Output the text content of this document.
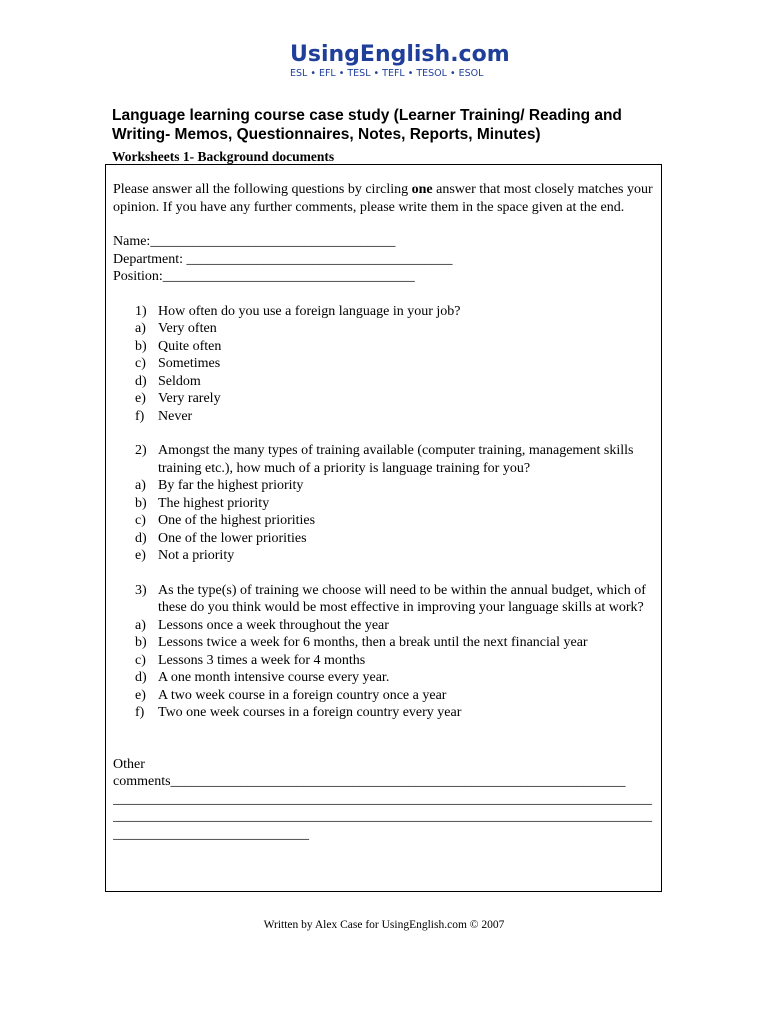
UsingEnglish.com
ESL • EFL • TESL • TEFL • TESOL • ESOL
Language learning course case study (Learner Training/ Reading and Writing- Memos, Questionnaires, Notes, Reports, Minutes)
Worksheets 1- Background documents

Please answer all the following questions by circling one answer that most closely matches your opinion. If you have any further comments, please write them in the space given at the end.

Name:___________________________________
Department: ______________________________________
Position:____________________________________
1) How often do you use a foreign language in your job?
a) Very often
b) Quite often
c) Sometimes
d) Seldom
e) Very rarely
f) Never
2) Amongst the many types of training available (computer training, management skills training etc.), how much of a priority is language training for you?
a) By far the highest priority
b) The highest priority
c) One of the highest priorities
d) One of the lower priorities
e) Not a priority
3) As the type(s) of training we choose will need to be within the annual budget, which of these do you think would be most effective in improving your language skills at work?
a) Lessons once a week throughout the year
b) Lessons twice a week for 6 months, then a break until the next financial year
c) Lessons 3 times a week for 4 months
d) A one month intensive course every year.
e) A two week course in a foreign country once a year
f) Two one week courses in a foreign country every year
Other
comments_________________________________________________________________
_____________________________________________________________________________
_____________________________________________________________________________
____________________________
Written by Alex Case for UsingEnglish.com © 2007
